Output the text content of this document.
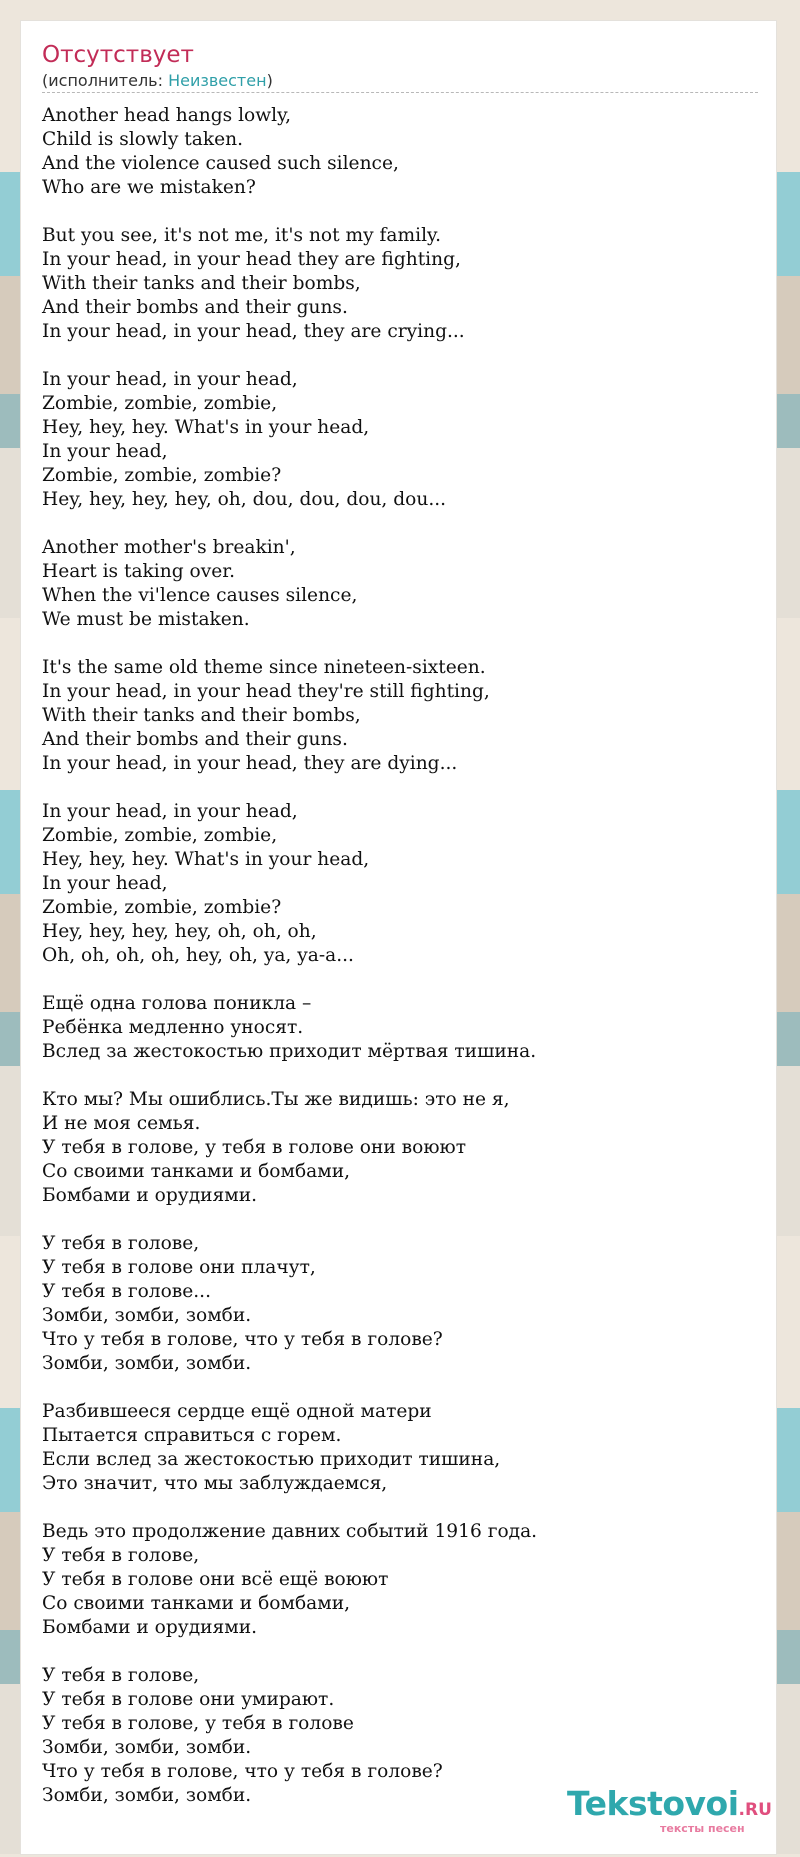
Отсутствует
(исполнитель: Неизвестен)
Another head hangs lowly,
Child is slowly taken.
And the violence caused such silence,
Who are we mistaken?
But you see, it's not me, it's not my family.
In your head, in your head they are fighting,
With their tanks and their bombs,
And their bombs and their guns.
In your head, in your head, they are crying...
In your head, in your head,
Zombie, zombie, zombie,
Hey, hey, hey. What's in your head,
In your head,
Zombie, zombie, zombie?
Hey, hey, hey, hey, oh, dou, dou, dou, dou...
Another mother's breakin',
Heart is taking over.
When the vi'lence causes silence,
We must be mistaken.
It's the same old theme since nineteen-sixteen.
In your head, in your head they're still fighting,
With their tanks and their bombs,
And their bombs and their guns.
In your head, in your head, they are dying...
In your head, in your head,
Zombie, zombie, zombie,
Hey, hey, hey. What's in your head,
In your head,
Zombie, zombie, zombie?
Hey, hey, hey, hey, oh, oh, oh,
Oh, oh, oh, oh, hey, oh, ya, ya-a...
Ещё одна голова поникла –
Ребёнка медленно уносят.
Вслед за жестокостью приходит мёртвая тишина.
Кто мы? Мы ошиблись.Ты же видишь: это не я,
И не моя семья.
У тебя в голове, у тебя в голове они воюют
Со своими танками и бомбами,
Бомбами и орудиями.
У тебя в голове,
У тебя в голове они плачут,
У тебя в голове...
Зомби, зомби, зомби.
Что у тебя в голове, что у тебя в голове?
Зомби, зомби, зомби.
Разбившееся сердце ещё одной матери
Пытается справиться с горем.
Если вслед за жестокостью приходит тишина,
Это значит, что мы заблуждаемся,
Ведь это продолжение давних событий 1916 года.
У тебя в голове,
У тебя в голове они всё ещё воюют
Со своими танками и бомбами,
Бомбами и орудиями.
У тебя в голове,
У тебя в голове они умирают.
У тебя в голове, у тебя в голове
Зомби, зомби, зомби.
Что у тебя в голове, что у тебя в голове?
Зомби, зомби, зомби.	Tekstovoi.RU
тексты песен
